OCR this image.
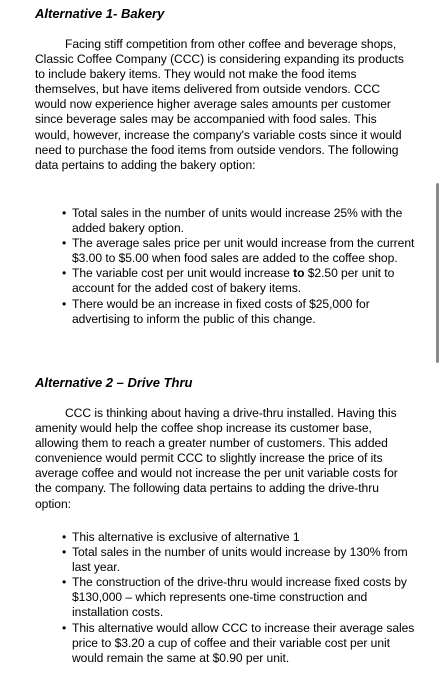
Alternative 1- Bakery

Facing stiff competition from other coffee and beverage shops, Classic Coffee Company (CCC) is considering expanding its products to include bakery items. They would not make the food items themselves, but have items delivered from outside vendors. CCC would now experience higher average sales amounts per customer since beverage sales may be accompanied with food sales. This would, however, increase the company's variable costs since it would need to purchase the food items from outside vendors. The following data pertains to adding the bakery option:

• Total sales in the number of units would increase 25% with the added bakery option.
• The average sales price per unit would increase from the current $3.00 to $5.00 when food sales are added to the coffee shop.
• The variable cost per unit would increase to $2.50 per unit to account for the added cost of bakery items.
• There would be an increase in fixed costs of $25,000 for advertising to inform the public of this change.
Alternative 2 – Drive Thru

CCC is thinking about having a drive-thru installed. Having this amenity would help the coffee shop increase its customer base, allowing them to reach a greater number of customers. This added convenience would permit CCC to slightly increase the price of its average coffee and would not increase the per unit variable costs for the company. The following data pertains to adding the drive-thru option:

• This alternative is exclusive of alternative 1
• Total sales in the number of units would increase by 130% from last year.
• The construction of the drive-thru would increase fixed costs by $130,000 – which represents one-time construction and installation costs.
• This alternative would allow CCC to increase their average sales price to $3.20 a cup of coffee and their variable cost per unit would remain the same at $0.90 per unit.
